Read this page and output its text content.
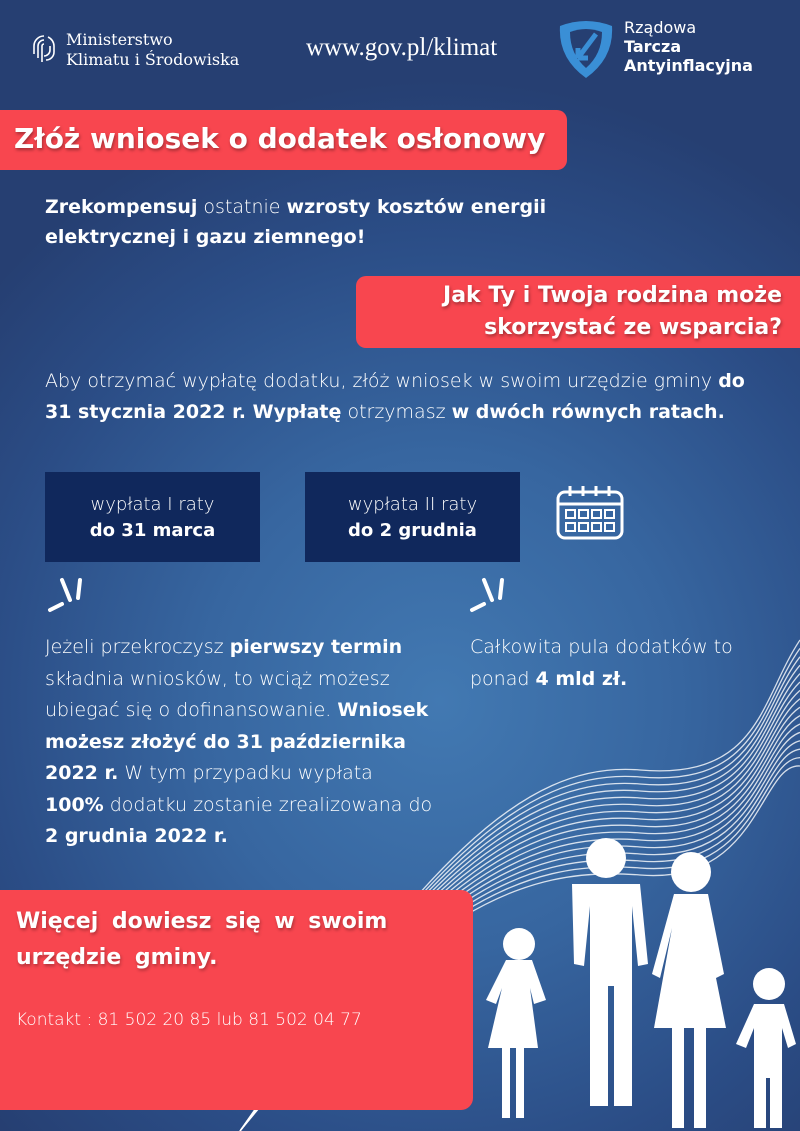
Ministerstwo
Klimatu i Środowiska	www.gov.pl/klimat
Rządowa
Tarcza
Antyinflacyjna
Złóż wniosek o dodatek osłonowy
Zrekompensuj ostatnie wzrosty kosztów energii elektrycznej i gazu ziemnego!
Jak Ty i Twoja rodzina może
skorzystać ze wsparcia?
Aby otrzymać wypłatę dodatku, złóż wniosek w swoim urzędzie gminy do 31 stycznia 2022 r. Wypłatę otrzymasz w dwóch równych ratach.
wypłata I raty
do 31 marca
wypłata II raty
do 2 grudnia
Jeżeli przekroczysz pierwszy termin składnia wniosków, to wciąż możesz ubiegać się o dofinansowanie. Wniosek możesz złożyć do 31 października 2022 r. W tym przypadku wypłata 100% dodatku zostanie zrealizowana do 2 grudnia 2022 r.
Całkowita pula dodatków to ponad 4 mld zł.
Więcej dowiesz się w swoim urzędzie gminy.
Kontakt : 81 502 20 85 lub 81 502 04 77
